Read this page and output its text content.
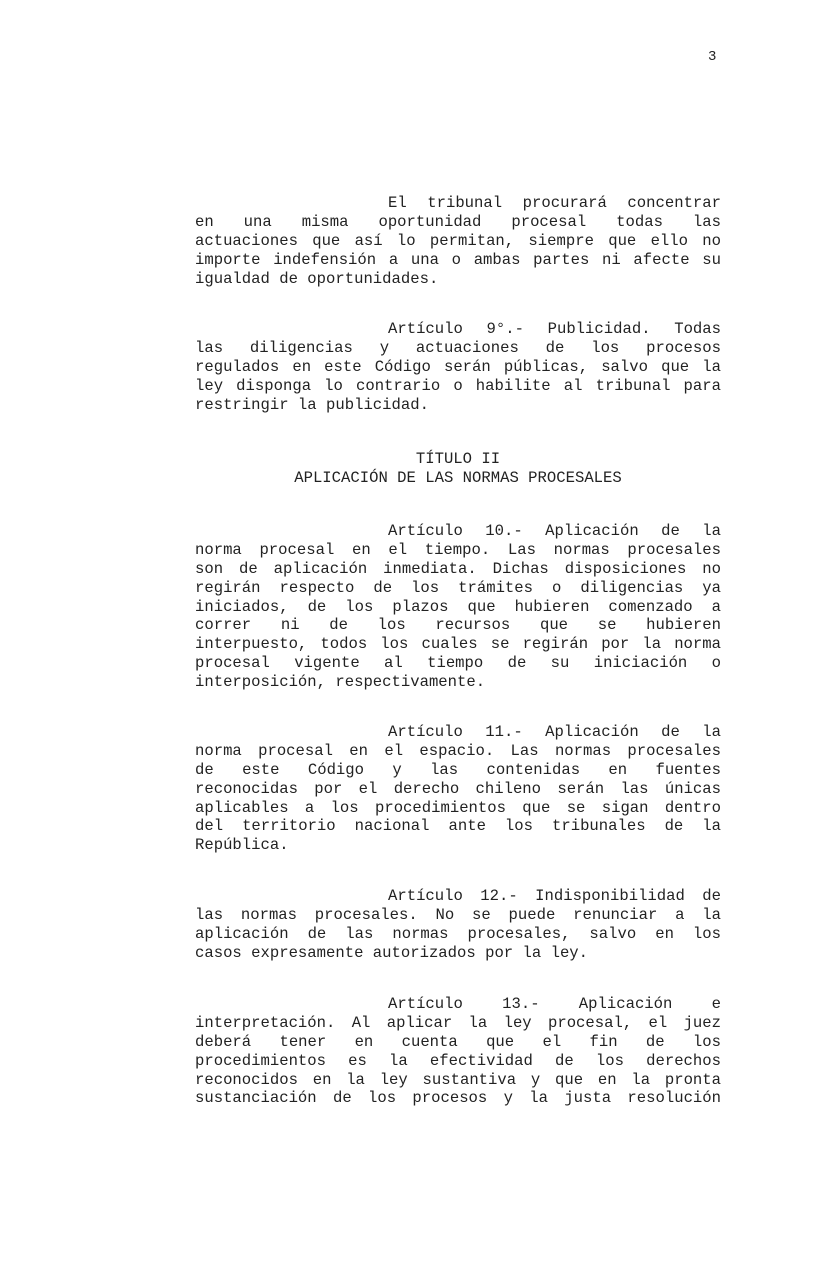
3
El tribunal procurará concentrar
en una misma oportunidad procesal todas las
actuaciones que así lo permitan, siempre que ello no
importe indefensión a una o ambas partes ni afecte su
igualdad de oportunidades.
Artículo 9°.- Publicidad. Todas
las diligencias y actuaciones de los procesos
regulados en este Código serán públicas, salvo que la
ley disponga lo contrario o habilite al tribunal para
restringir la publicidad.
TÍTULO II
APLICACIÓN DE LAS NORMAS PROCESALES
Artículo 10.- Aplicación de la
norma procesal en el tiempo. Las normas procesales
son de aplicación inmediata. Dichas disposiciones no
regirán respecto de los trámites o diligencias ya
iniciados, de los plazos que hubieren comenzado a
correr ni de los recursos que se hubieren
interpuesto, todos los cuales se regirán por la norma
procesal vigente al tiempo de su iniciación o
interposición, respectivamente.
Artículo 11.- Aplicación de la
norma procesal en el espacio. Las normas procesales
de este Código y las contenidas en fuentes
reconocidas por el derecho chileno serán las únicas
aplicables a los procedimientos que se sigan dentro
del territorio nacional ante los tribunales de la
República.
Artículo 12.- Indisponibilidad de
las normas procesales. No se puede renunciar a la
aplicación de las normas procesales, salvo en los
casos expresamente autorizados por la ley.
Artículo 13.- Aplicación e
interpretación. Al aplicar la ley procesal, el juez
deberá tener en cuenta que el fin de los
procedimientos es la efectividad de los derechos
reconocidos en la ley sustantiva y que en la pronta
sustanciación de los procesos y la justa resolución
